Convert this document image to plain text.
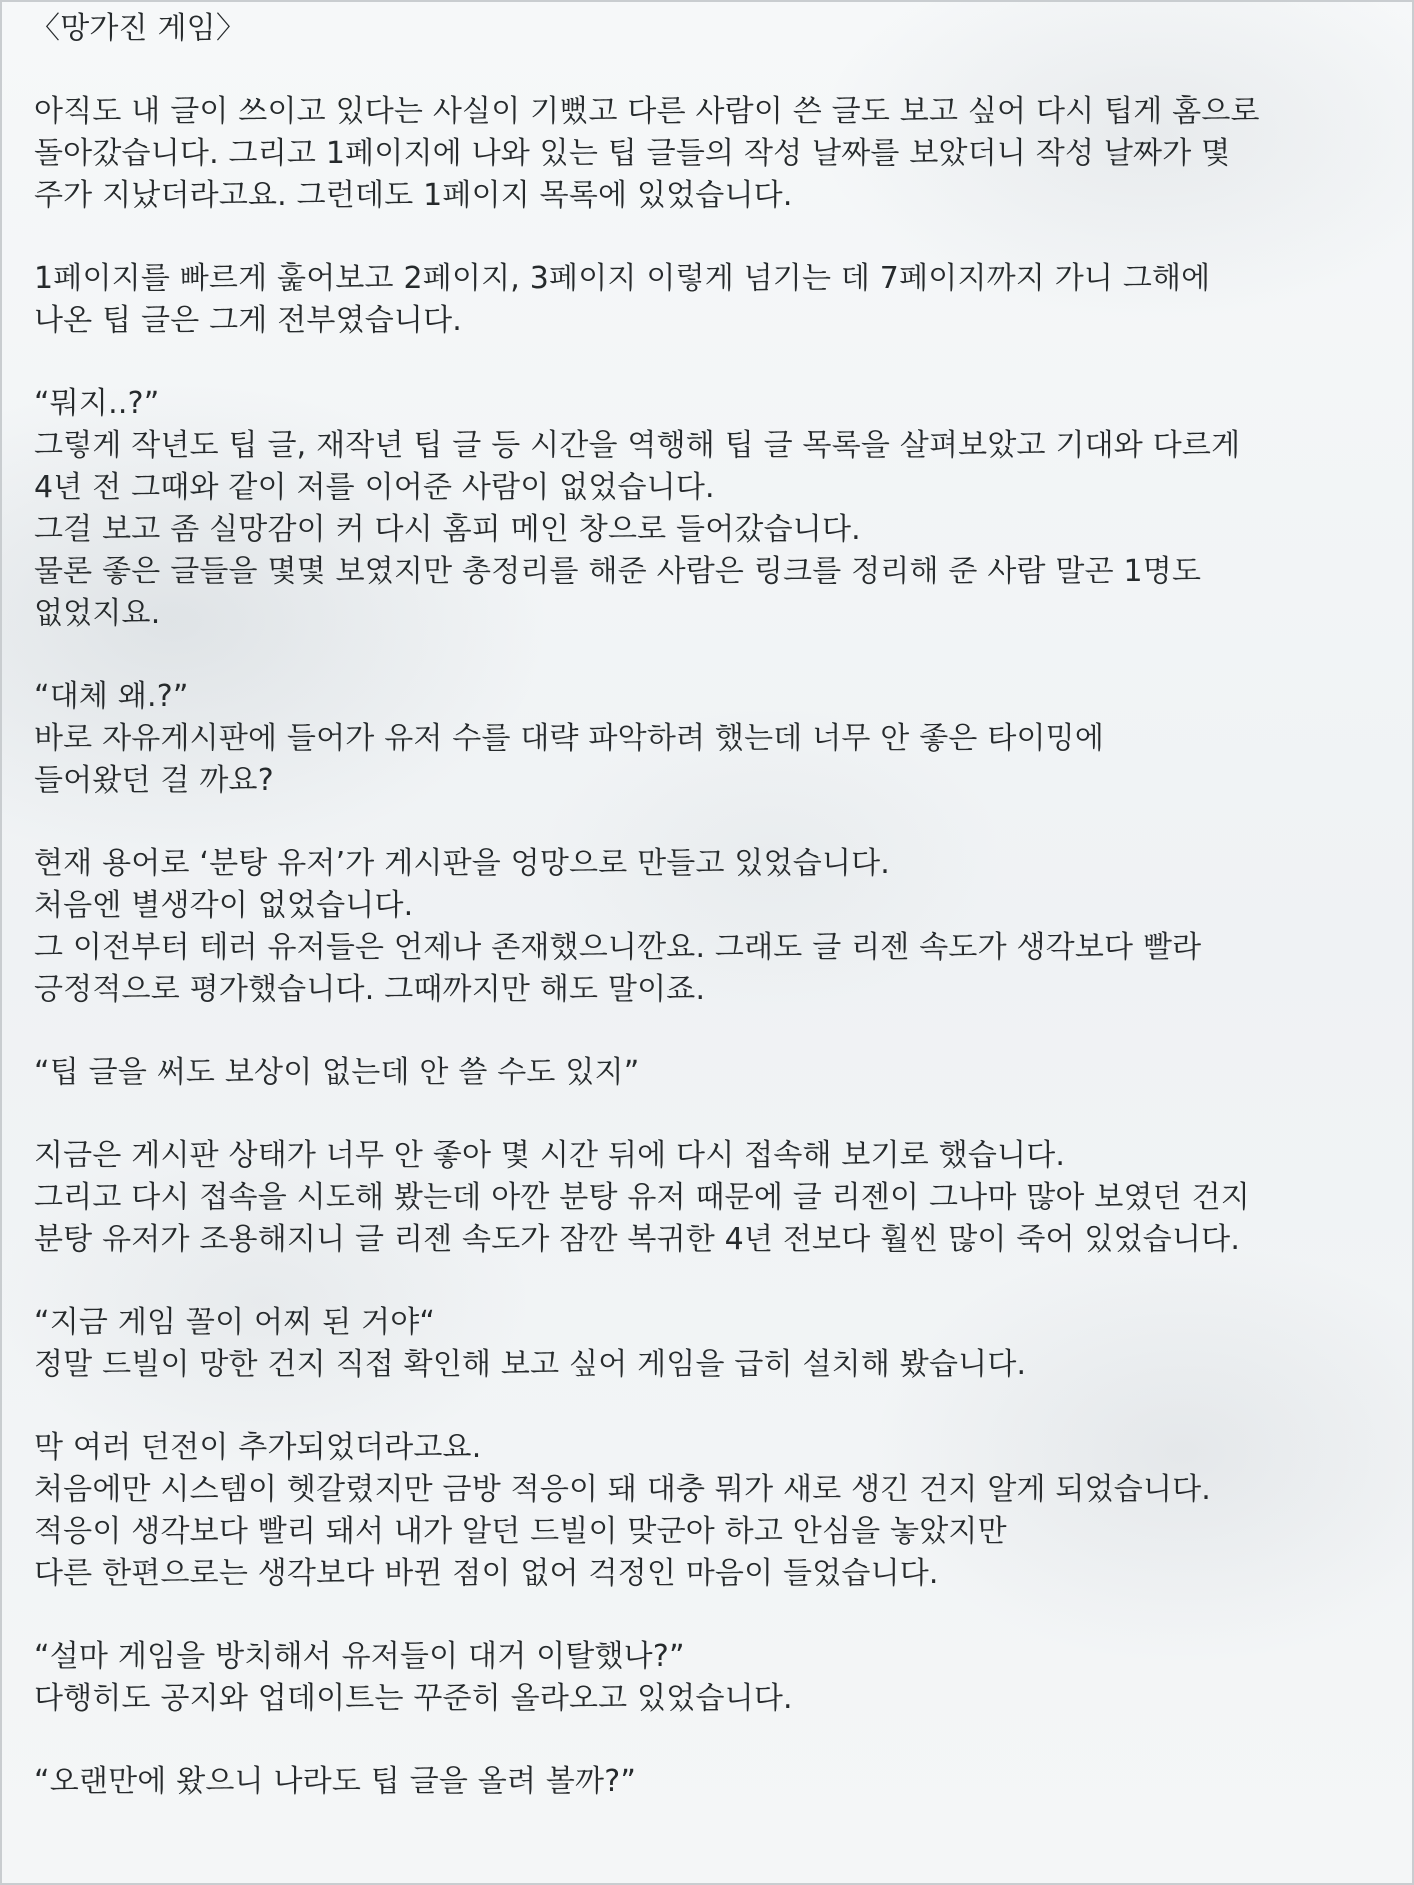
〈망가진 게임〉
아직도 내 글이 쓰이고 있다는 사실이 기뻤고 다른 사람이 쓴 글도 보고 싶어 다시 팁게 홈으로
돌아갔습니다. 그리고 1페이지에 나와 있는 팁 글들의 작성 날짜를 보았더니 작성 날짜가 몇
주가 지났더라고요. 그런데도 1페이지 목록에 있었습니다.
1페이지를 빠르게 훑어보고 2페이지, 3페이지 이렇게 넘기는 데 7페이지까지 가니 그해에
나온 팁 글은 그게 전부였습니다.
“뭐지..?”
그렇게 작년도 팁 글, 재작년 팁 글 등 시간을 역행해 팁 글 목록을 살펴보았고 기대와 다르게
4년 전 그때와 같이 저를 이어준 사람이 없었습니다.
그걸 보고 좀 실망감이 커 다시 홈피 메인 창으로 들어갔습니다.
물론 좋은 글들을 몇몇 보였지만 총정리를 해준 사람은 링크를 정리해 준 사람 말곤 1명도
없었지요.
“대체 왜.?”
바로 자유게시판에 들어가 유저 수를 대략 파악하려 했는데 너무 안 좋은 타이밍에
들어왔던 걸 까요?
현재 용어로 ‘분탕 유저’가 게시판을 엉망으로 만들고 있었습니다.
처음엔 별생각이 없었습니다.
그 이전부터 테러 유저들은 언제나 존재했으니깐요. 그래도 글 리젠 속도가 생각보다 빨라
긍정적으로 평가했습니다. 그때까지만 해도 말이죠.
“팁 글을 써도 보상이 없는데 안 쓸 수도 있지”
지금은 게시판 상태가 너무 안 좋아 몇 시간 뒤에 다시 접속해 보기로 했습니다.
그리고 다시 접속을 시도해 봤는데 아깐 분탕 유저 때문에 글 리젠이 그나마 많아 보였던 건지
분탕 유저가 조용해지니 글 리젠 속도가 잠깐 복귀한 4년 전보다 훨씬 많이 죽어 있었습니다.
“지금 게임 꼴이 어찌 된 거야“
정말 드빌이 망한 건지 직접 확인해 보고 싶어 게임을 급히 설치해 봤습니다.
막 여러 던전이 추가되었더라고요.
처음에만 시스템이 헷갈렸지만 금방 적응이 돼 대충 뭐가 새로 생긴 건지 알게 되었습니다.
적응이 생각보다 빨리 돼서 내가 알던 드빌이 맞군아 하고 안심을 놓았지만
다른 한편으로는 생각보다 바뀐 점이 없어 걱정인 마음이 들었습니다.
“설마 게임을 방치해서 유저들이 대거 이탈했나?”
다행히도 공지와 업데이트는 꾸준히 올라오고 있었습니다.
“오랜만에 왔으니 나라도 팁 글을 올려 볼까?”
